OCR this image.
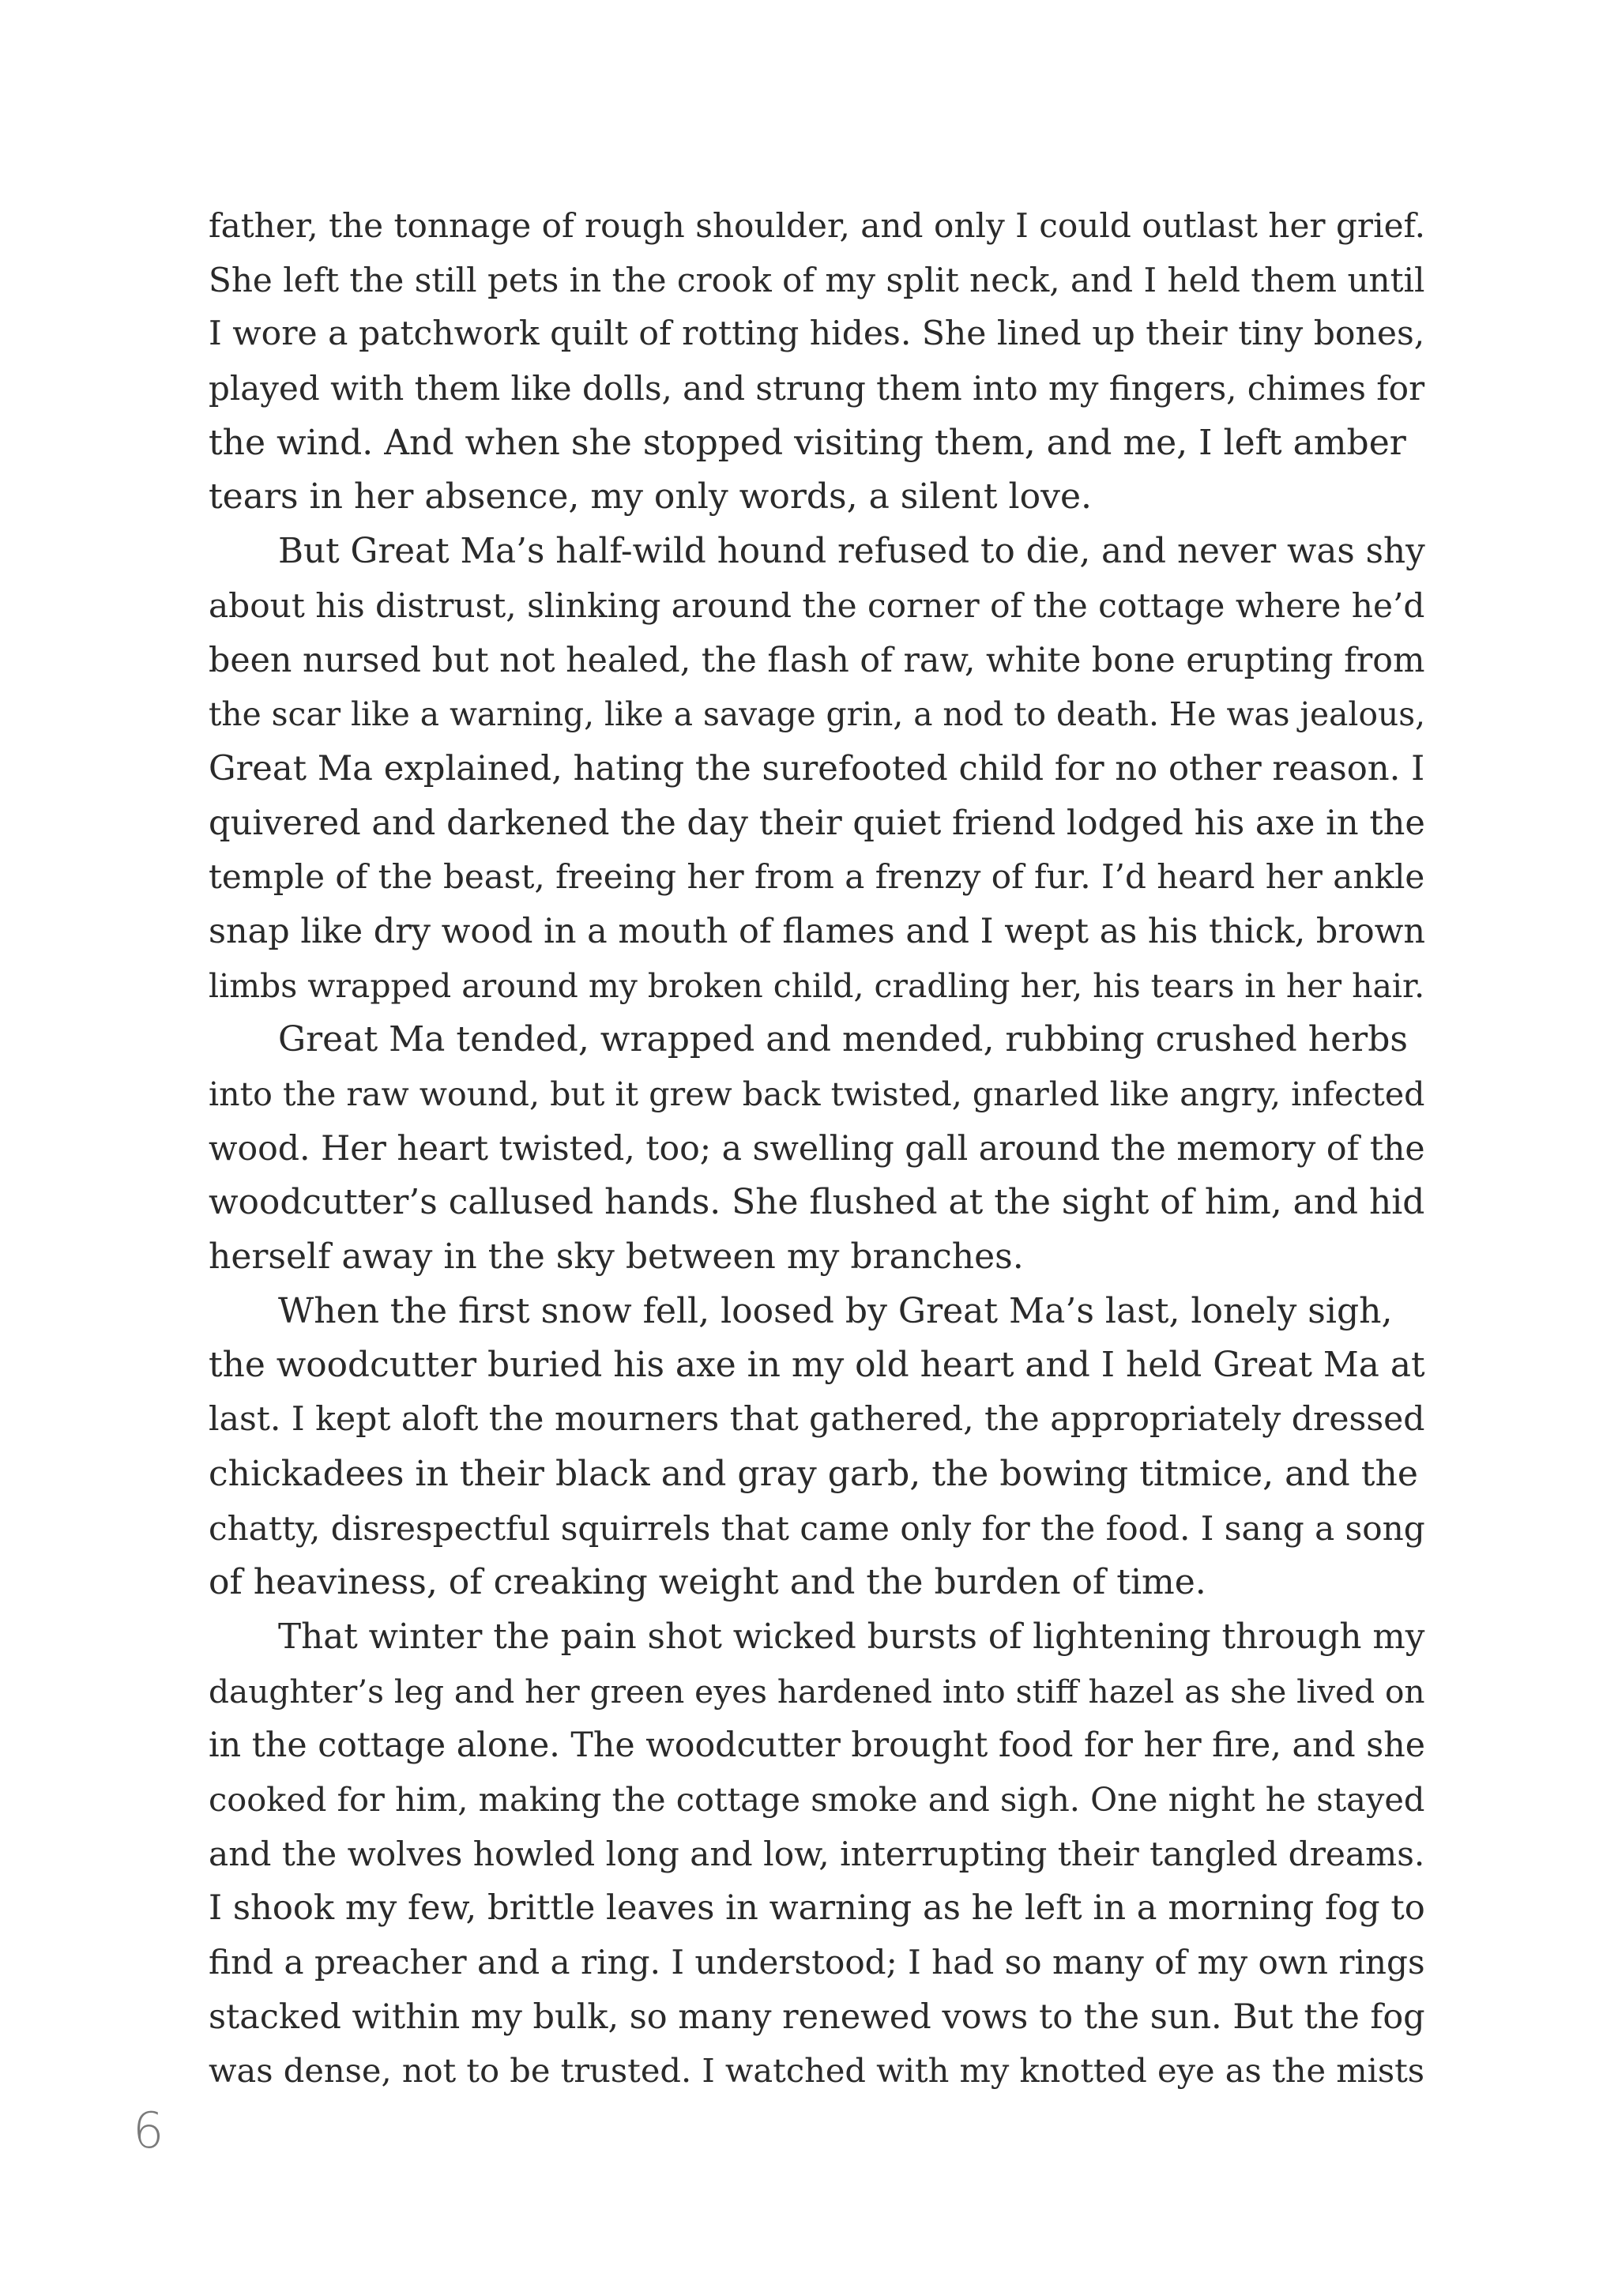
father, the tonnage of rough shoulder, and only I could outlast her grief.
She left the still pets in the crook of my split neck, and I held them until
I wore a patchwork quilt of rotting hides. She lined up their tiny bones,
played with them like dolls, and strung them into my fingers, chimes for
the wind. And when she stopped visiting them, and me, I left amber
tears in her absence, my only words, a silent love.
But Great Ma’s half-wild hound refused to die, and never was shy
about his distrust, slinking around the corner of the cottage where he’d
been nursed but not healed, the flash of raw, white bone erupting from
the scar like a warning, like a savage grin, a nod to death. He was jealous,
Great Ma explained, hating the surefooted child for no other reason. I
quivered and darkened the day their quiet friend lodged his axe in the
temple of the beast, freeing her from a frenzy of fur. I’d heard her ankle
snap like dry wood in a mouth of flames and I wept as his thick, brown
limbs wrapped around my broken child, cradling her, his tears in her hair.
Great Ma tended, wrapped and mended, rubbing crushed herbs
into the raw wound, but it grew back twisted, gnarled like angry, infected
wood. Her heart twisted, too; a swelling gall around the memory of the
woodcutter’s callused hands. She flushed at the sight of him, and hid
herself away in the sky between my branches.
When the first snow fell, loosed by Great Ma’s last, lonely sigh,
the woodcutter buried his axe in my old heart and I held Great Ma at
last. I kept aloft the mourners that gathered, the appropriately dressed
chickadees in their black and gray garb, the bowing titmice, and the
chatty, disrespectful squirrels that came only for the food. I sang a song
of heaviness, of creaking weight and the burden of time.
That winter the pain shot wicked bursts of lightening through my
daughter’s leg and her green eyes hardened into stiff hazel as she lived on
in the cottage alone. The woodcutter brought food for her fire, and she
cooked for him, making the cottage smoke and sigh. One night he stayed
and the wolves howled long and low, interrupting their tangled dreams.
I shook my few, brittle leaves in warning as he left in a morning fog to
find a preacher and a ring. I understood; I had so many of my own rings
stacked within my bulk, so many renewed vows to the sun. But the fog
was dense, not to be trusted. I watched with my knotted eye as the mists
6
